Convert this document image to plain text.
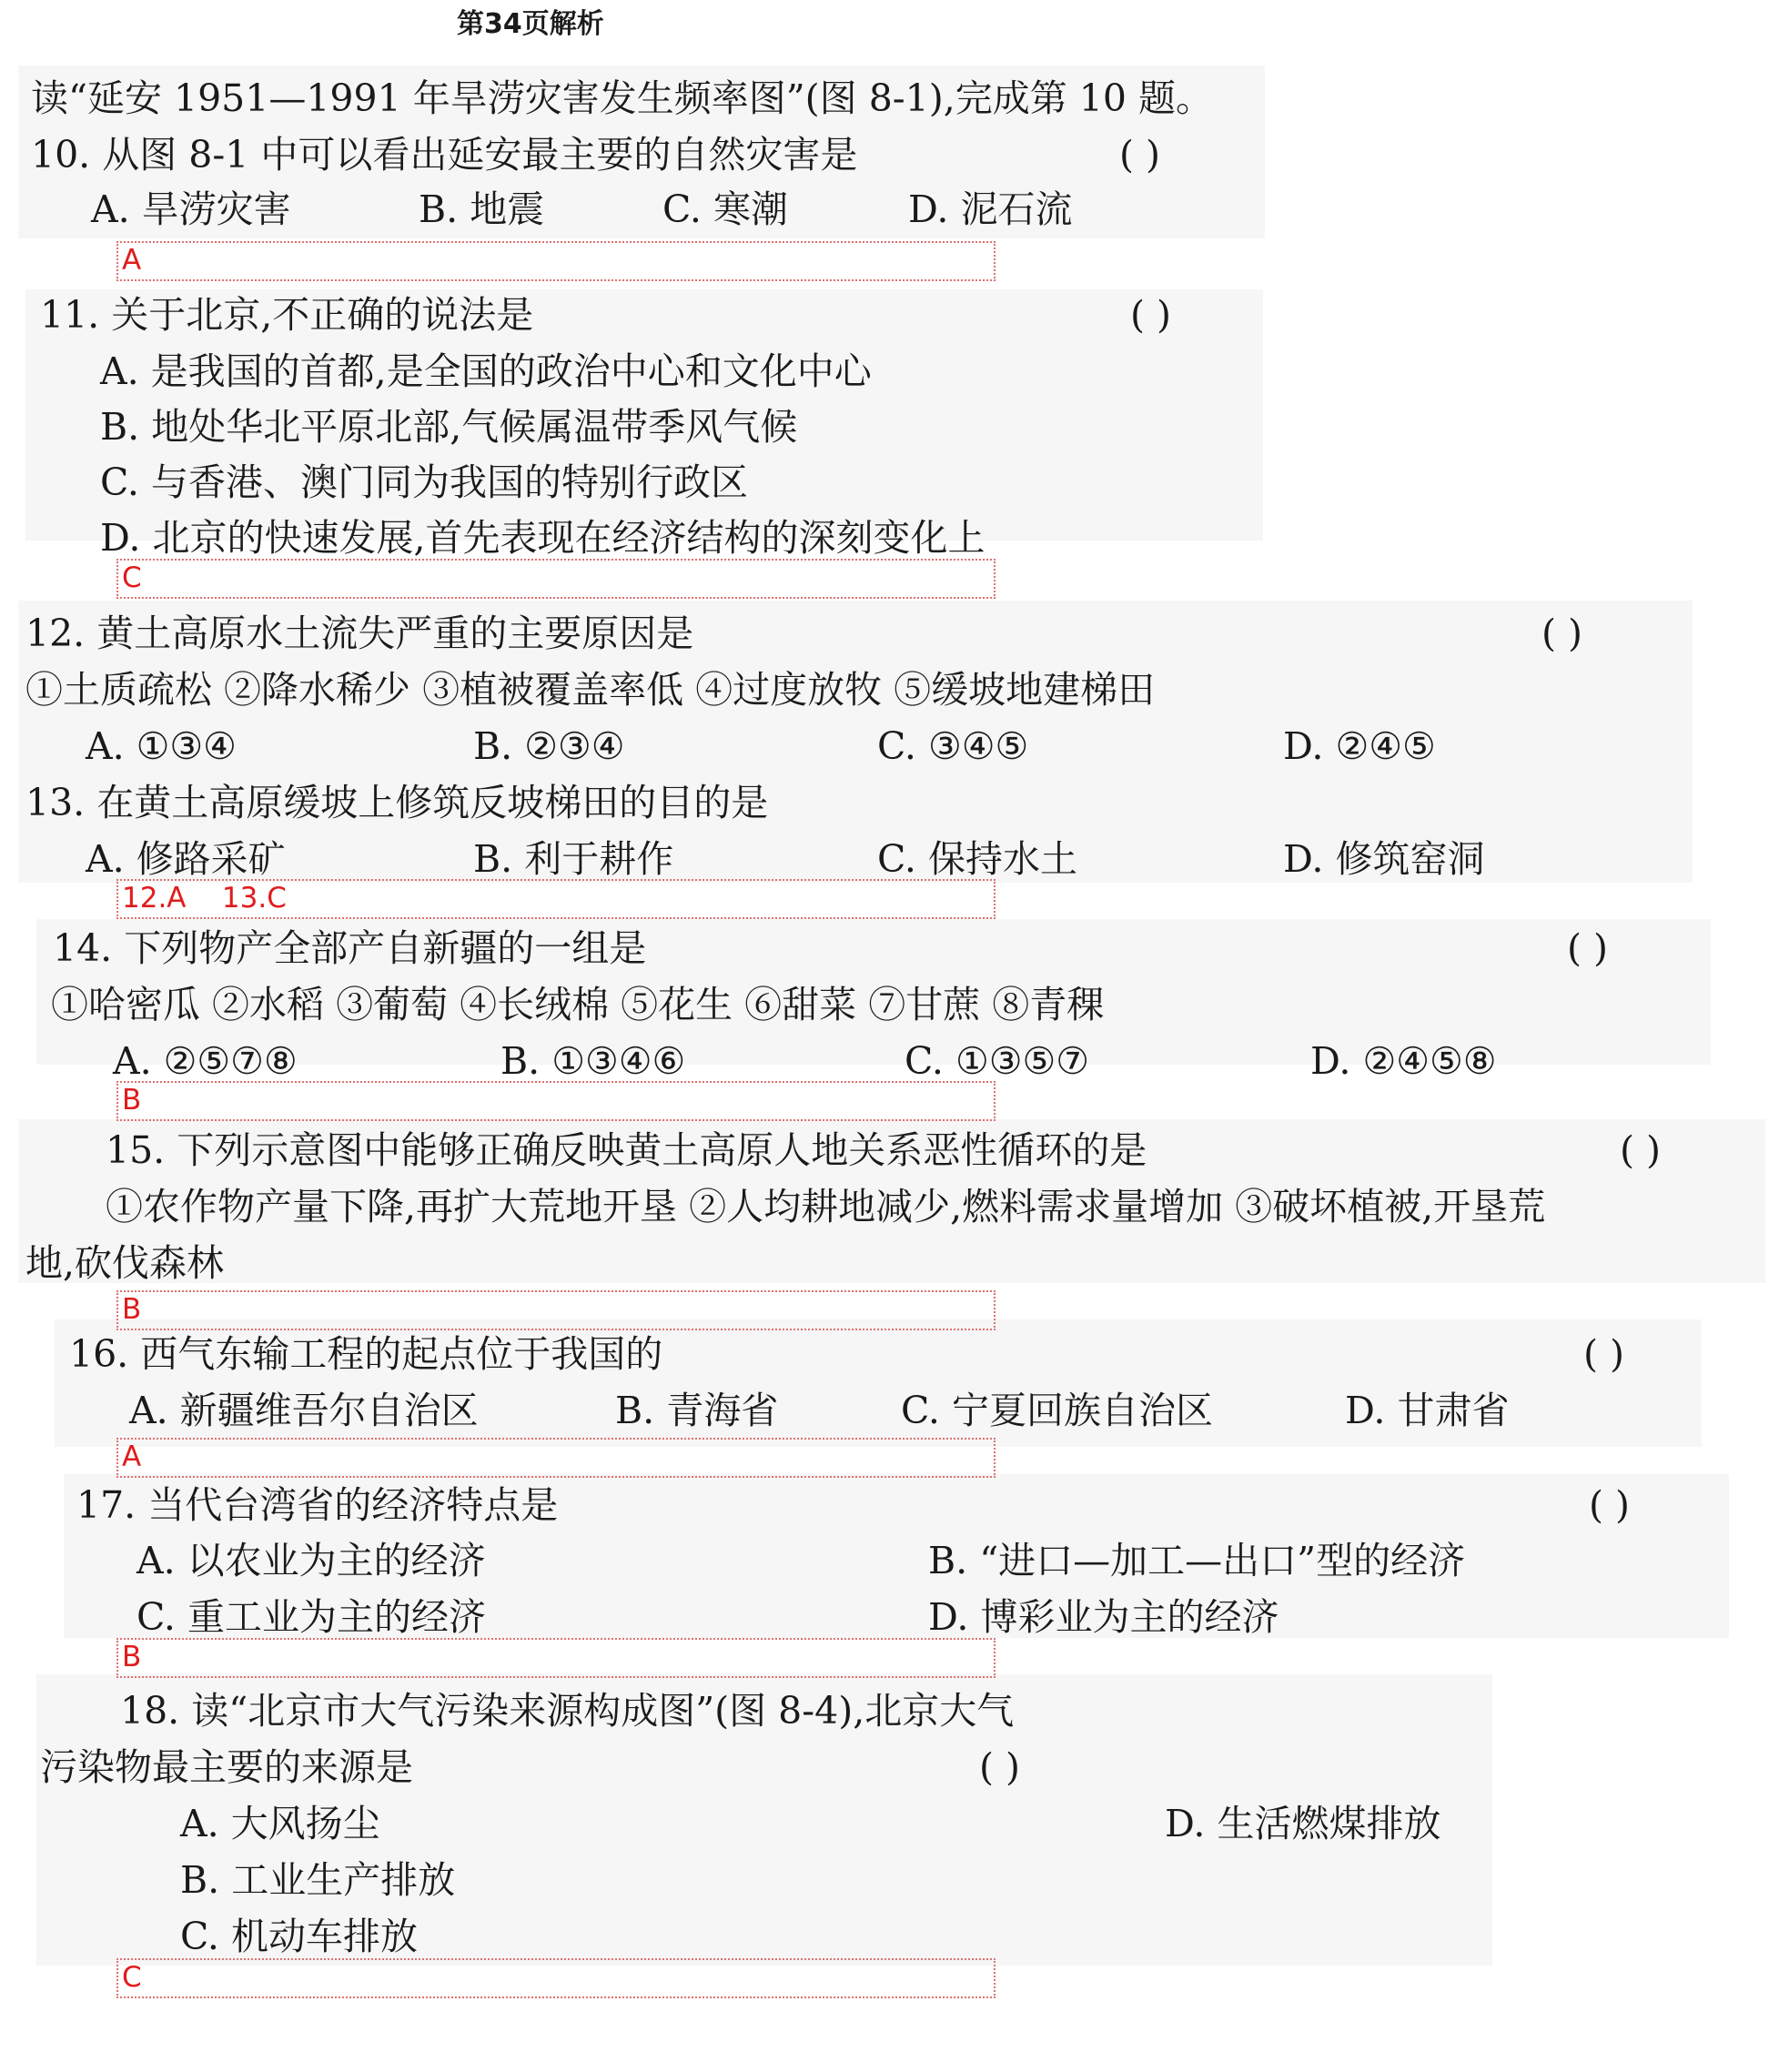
第34页解析
读“延安 1951—1991 年旱涝灾害发生频率图”(图 8-1),完成第 10 题。
10. 从图 8-1 中可以看出延安最主要的自然灾害是	( )
A. 旱涝灾害	B. 地震	C. 寒潮	D. 泥石流
A
11. 关于北京,不正确的说法是	( )
A. 是我国的首都,是全国的政治中心和文化中心
B. 地处华北平原北部,气候属温带季风气候
C. 与香港、澳门同为我国的特别行政区
D. 北京的快速发展,首先表现在经济结构的深刻变化上
C
12. 黄土高原水土流失严重的主要原因是	( )
①土质疏松 ②降水稀少 ③植被覆盖率低 ④过度放牧 ⑤缓坡地建梯田
A. ①③④	B. ②③④	C. ③④⑤	D. ②④⑤
13. 在黄土高原缓坡上修筑反坡梯田的目的是
A. 修路采矿	B. 利于耕作	C. 保持水土	D. 修筑窑洞
12.A    13.C
14. 下列物产全部产自新疆的一组是	( )
①哈密瓜 ②水稻 ③葡萄 ④长绒棉 ⑤花生 ⑥甜菜 ⑦甘蔗 ⑧青稞
A. ②⑤⑦⑧	B. ①③④⑥	C. ①③⑤⑦	D. ②④⑤⑧
B
15. 下列示意图中能够正确反映黄土高原人地关系恶性循环的是	( )
①农作物产量下降,再扩大荒地开垦 ②人均耕地减少,燃料需求量增加 ③破坏植被,开垦荒
地,砍伐森林
B
16. 西气东输工程的起点位于我国的	( )
A. 新疆维吾尔自治区	B. 青海省	C. 宁夏回族自治区	D. 甘肃省
A
17. 当代台湾省的经济特点是	( )
A. 以农业为主的经济	B. “进口—加工—出口”型的经济
C. 重工业为主的经济	D. 博彩业为主的经济
B
18. 读“北京市大气污染来源构成图”(图 8-4),北京大气
污染物最主要的来源是	( )
A. 大风扬尘	D. 生活燃煤排放
B. 工业生产排放
C. 机动车排放
C
